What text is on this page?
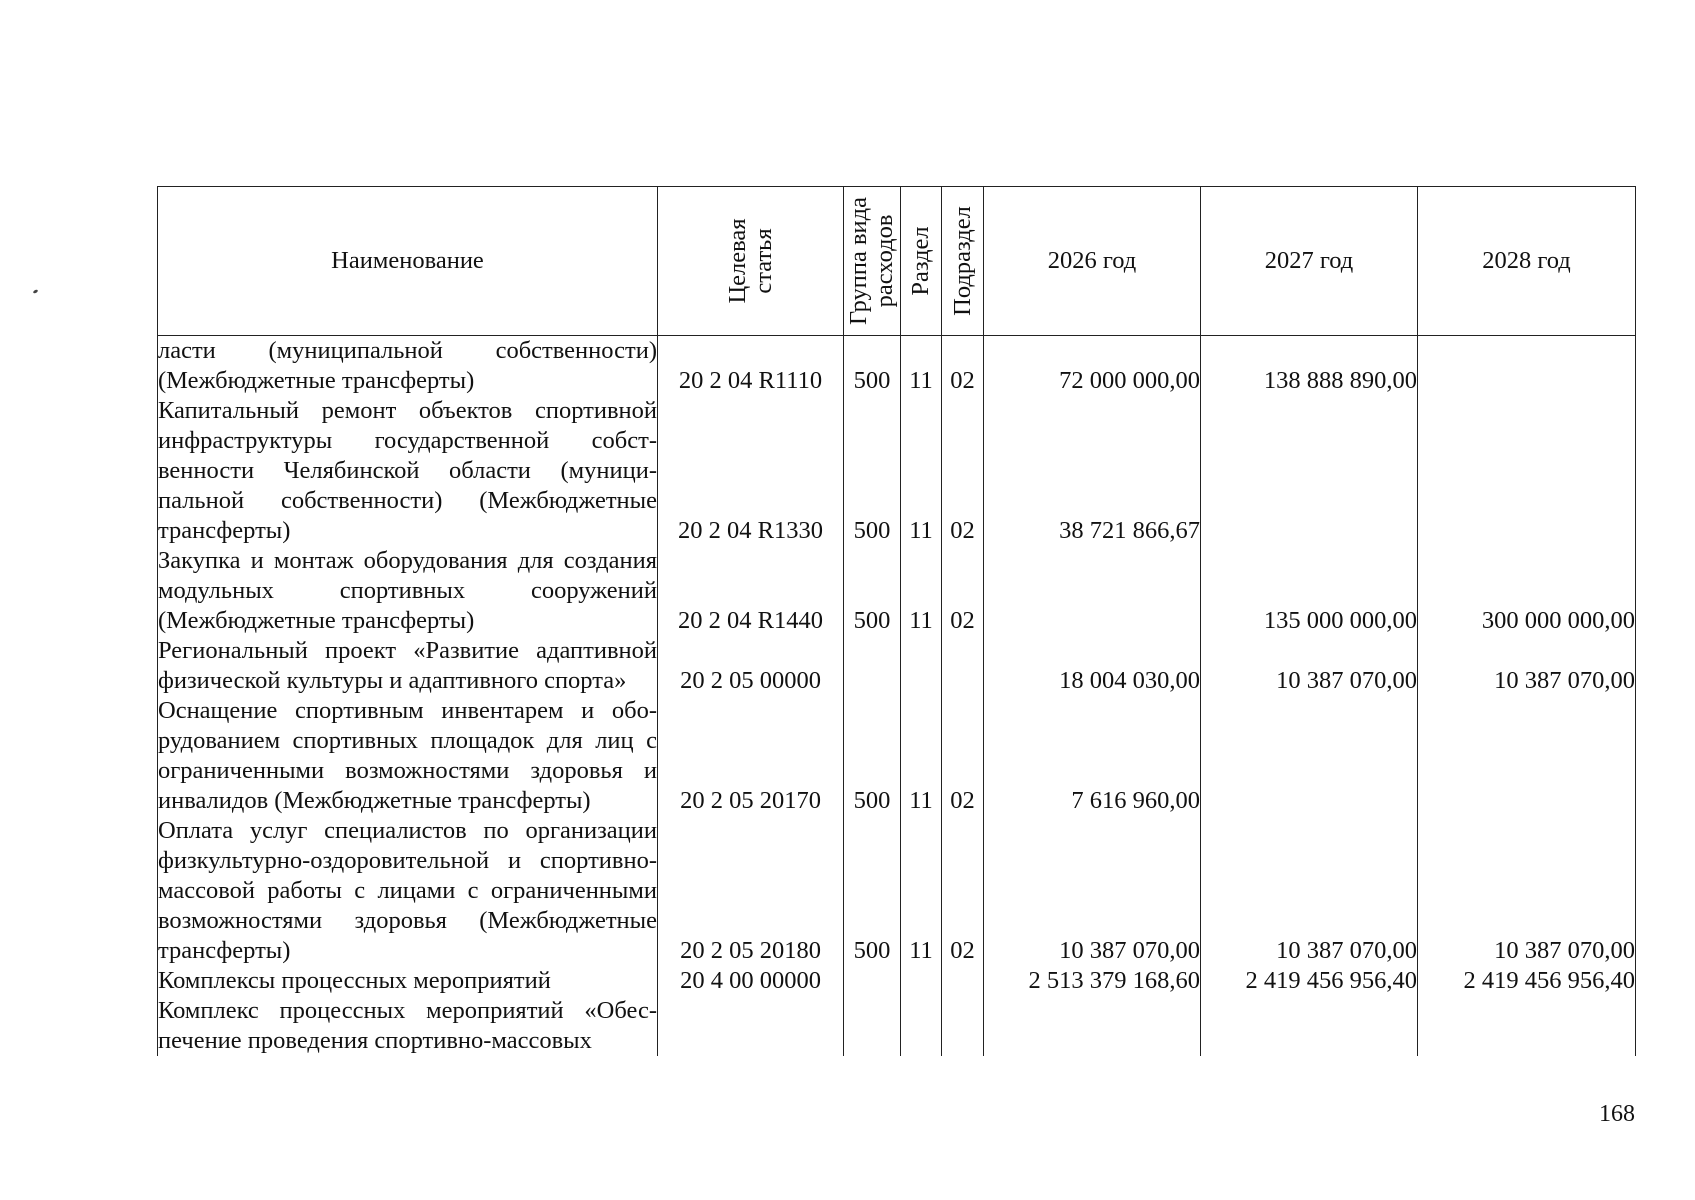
Наименование	Целевая статья	Группа вида расходов	Раздел	Подраздел	2026 год	2027 год	2028 год
ласти (муниципальной собственности) (Межбюджетные трансферты)	20 2 04 R1110	500	11	02	72 000 000,00	138 888 890,00	
Капитальный ремонт объектов спортивной инфраструктуры государственной собственности Челябинской области (муниципальной собственности) (Межбюджетные трансферты)	20 2 04 R1330	500	11	02	38 721 866,67		
Закупка и монтаж оборудования для создания модульных спортивных сооружений (Межбюджетные трансферты)	20 2 04 R1440	500	11	02		135 000 000,00	300 000 000,00
Региональный проект «Развитие адаптивной физической культуры и адаптивного спорта»	20 2 05 00000				18 004 030,00	10 387 070,00	10 387 070,00
Оснащение спортивным инвентарем и оборудованием спортивных площадок для лиц с ограниченными возможностями здоровья и инвалидов (Межбюджетные трансферты)	20 2 05 20170	500	11	02	7 616 960,00		
Оплата услуг специалистов по организации физкультурно-оздоровительной и спортивно-массовой работы с лицами с ограниченными возможностями здоровья (Межбюджетные трансферты)	20 2 05 20180	500	11	02	10 387 070,00	10 387 070,00	10 387 070,00
Комплексы процессных мероприятий	20 4 00 00000				2 513 379 168,60	2 419 456 956,40	2 419 456 956,40
Комплекс процессных мероприятий «Обеспечение проведения спортивно-массовых							
168
